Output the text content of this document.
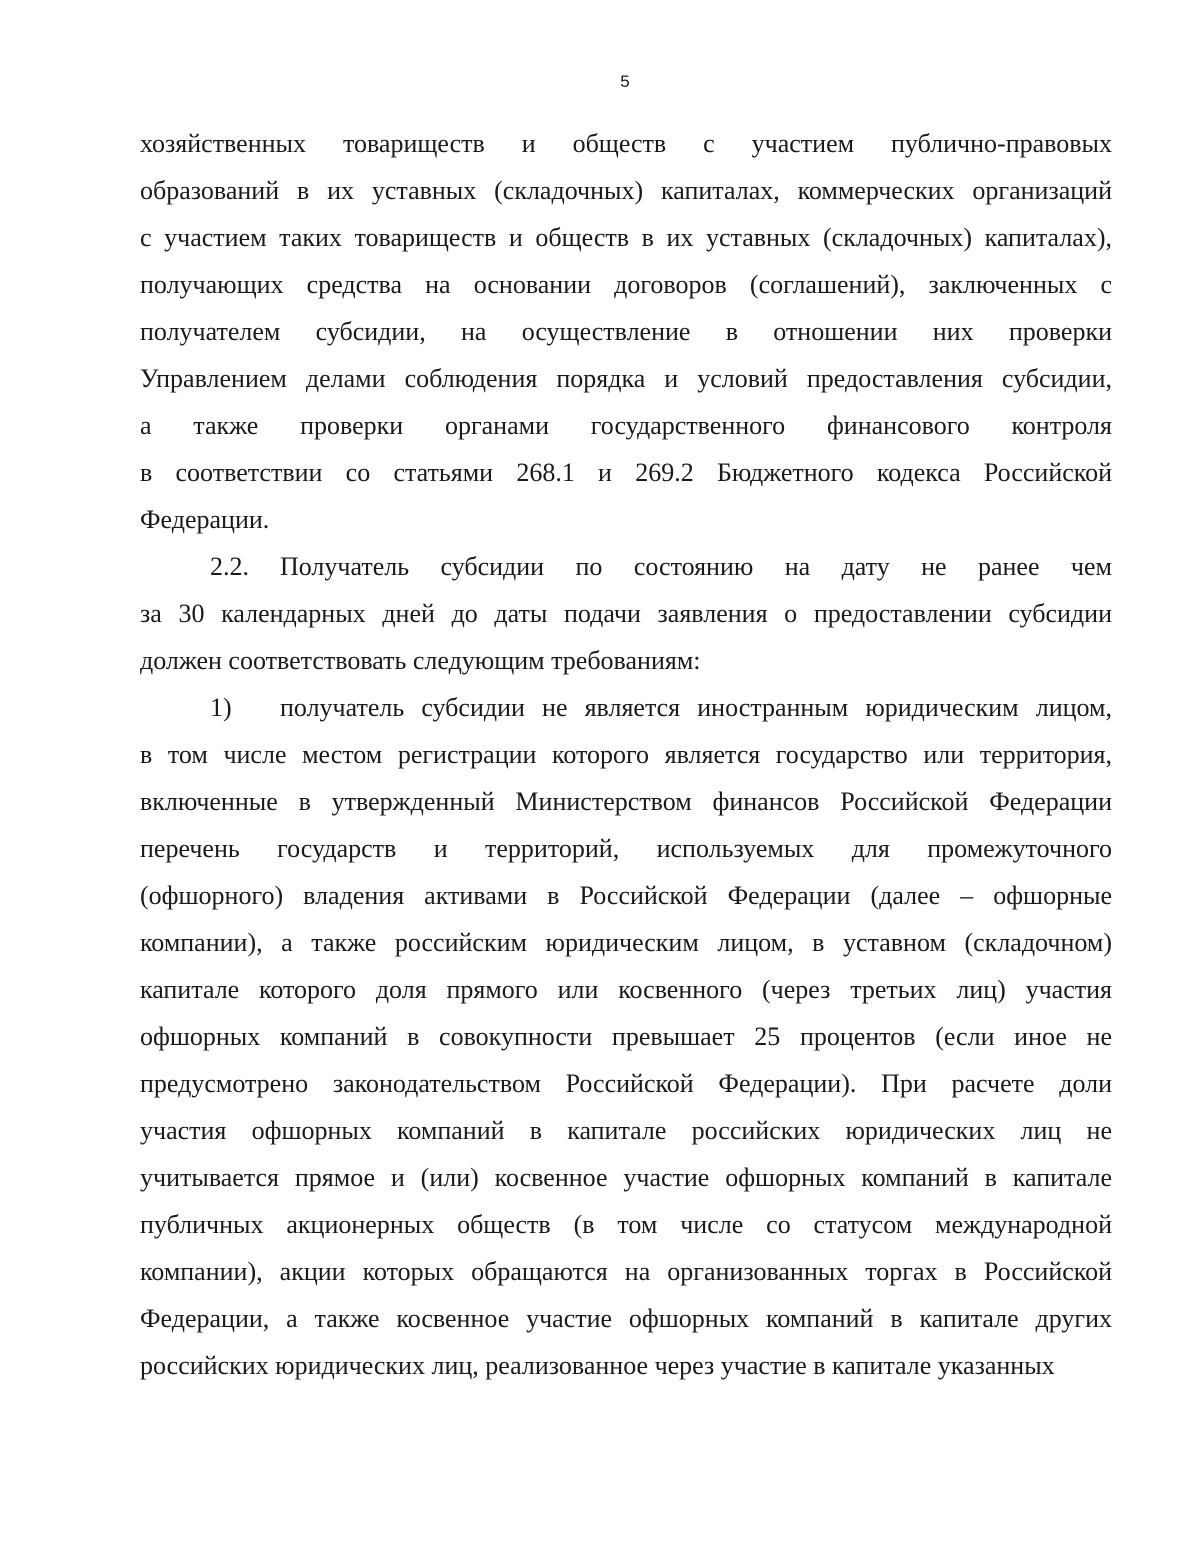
5
хозяйственных товариществ и обществ с участием публично-правовых
образований в их уставных (складочных) капиталах, коммерческих организаций
с участием таких товариществ и обществ в их уставных (складочных) капиталах),
получающих средства на основании договоров (соглашений), заключенных с
получателем субсидии, на осуществление в отношении них проверки
Управлением делами соблюдения порядка и условий предоставления субсидии,
а также проверки органами государственного финансового контроля
в соответствии со статьями 268.1 и 269.2 Бюджетного кодекса Российской
Федерации.
2.2. Получатель субсидии по состоянию на дату не ранее чем
за 30 календарных дней до даты подачи заявления о предоставлении субсидии
должен соответствовать следующим требованиям:
1) получатель субсидии не является иностранным юридическим лицом,
в том числе местом регистрации которого является государство или территория,
включенные в утвержденный Министерством финансов Российской Федерации
перечень государств и территорий, используемых для промежуточного
(офшорного) владения активами в Российской Федерации (далее – офшорные
компании), а также российским юридическим лицом, в уставном (складочном)
капитале которого доля прямого или косвенного (через третьих лиц) участия
офшорных компаний в совокупности превышает 25 процентов (если иное не
предусмотрено законодательством Российской Федерации). При расчете доли
участия офшорных компаний в капитале российских юридических лиц не
учитывается прямое и (или) косвенное участие офшорных компаний в капитале
публичных акционерных обществ (в том числе со статусом международной
компании), акции которых обращаются на организованных торгах в Российской
Федерации, а также косвенное участие офшорных компаний в капитале других
российских юридических лиц, реализованное через участие в капитале указанных
